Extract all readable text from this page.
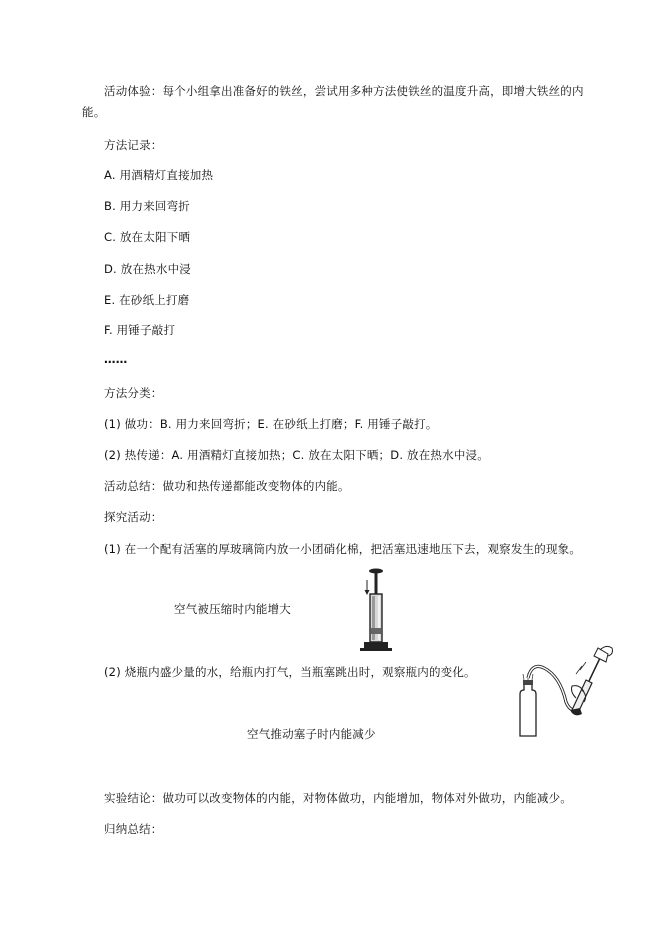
活动体验：每个小组拿出准备好的铁丝，尝试用多种方法使铁丝的温度升高，即增大铁丝的内
能。
方法记录：
A. 用酒精灯直接加热
B. 用力来回弯折
C. 放在太阳下晒
D. 放在热水中浸
E. 在砂纸上打磨
F. 用锤子敲打
……
方法分类：
(1) 做功：B. 用力来回弯折；E. 在砂纸上打磨；F. 用锤子敲打。
(2) 热传递：A. 用酒精灯直接加热；C. 放在太阳下晒；D. 放在热水中浸。
活动总结：做功和热传递都能改变物体的内能。
探究活动：
(1) 在一个配有活塞的厚玻璃筒内放一小团硝化棉，把活塞迅速地压下去，观察发生的现象。
空气被压缩时内能增大
(2) 烧瓶内盛少量的水，给瓶内打气，当瓶塞跳出时，观察瓶内的变化。
空气推动塞子时内能减少
实验结论：做功可以改变物体的内能，对物体做功，内能增加，物体对外做功，内能减少。
归纳总结：
